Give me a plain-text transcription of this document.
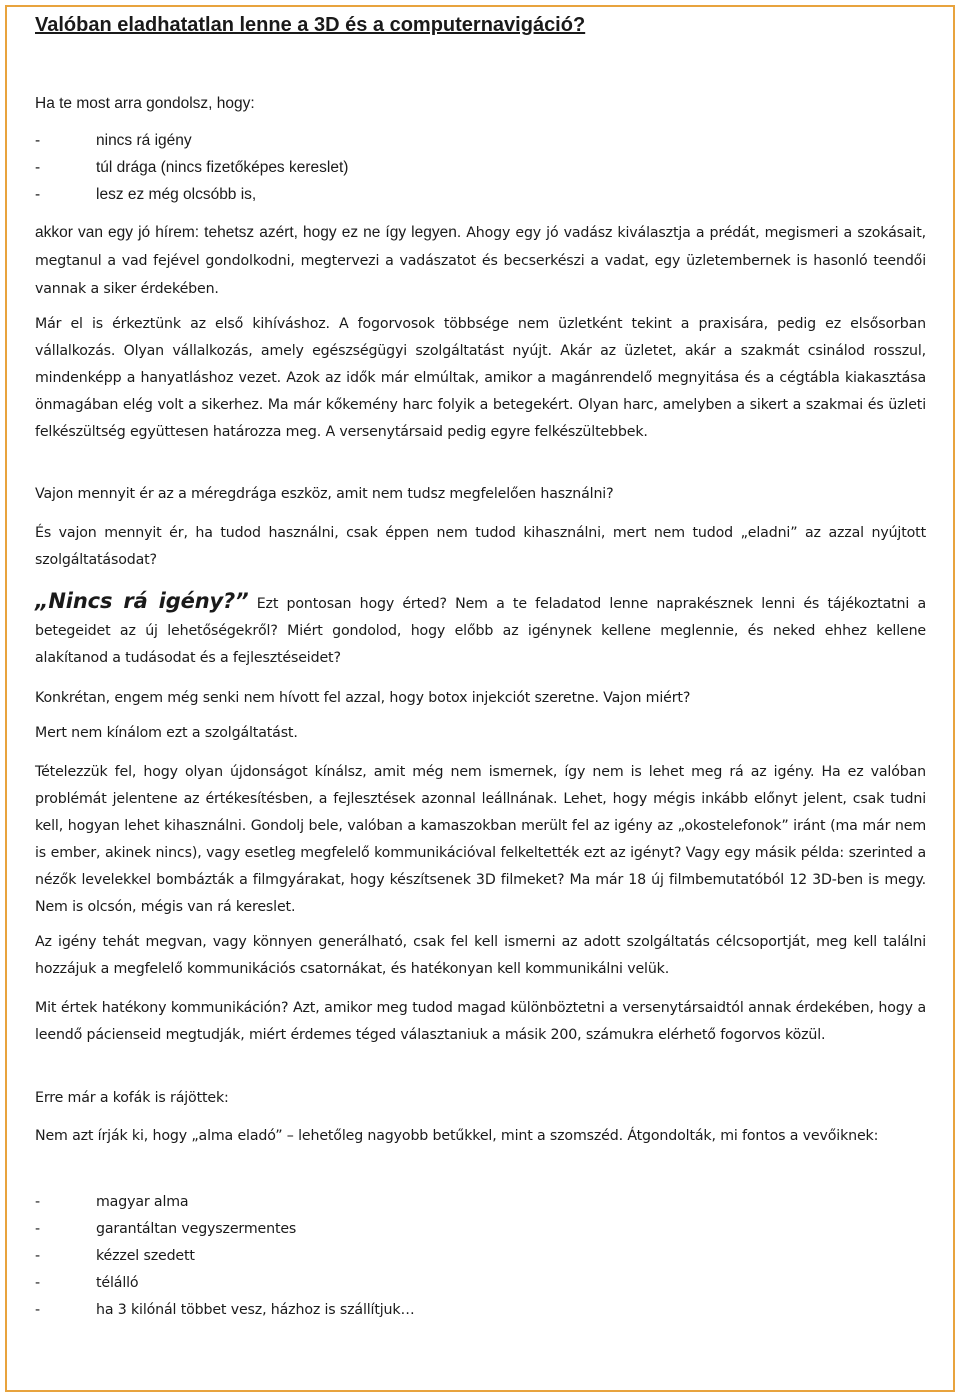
Valóban eladhatatlan lenne a 3D és a computernavigáció?

Ha te most arra gondolsz, hogy:

- nincs rá igény
- túl drága (nincs fizetőképes kereslet)
- lesz ez még olcsóbb is,

akkor van egy jó hírem: tehetsz azért, hogy ez ne így legyen. Ahogy egy jó vadász kiválasztja a prédát, megismeri a szokásait, megtanul a vad fejével gondolkodni, megtervezi a vadászatot és becserkészi a vadat, egy üzletembernek is hasonló teendői vannak a siker érdekében.

Már el is érkeztünk az első kihíváshoz. A fogorvosok többsége nem üzletként tekint a praxisára, pedig ez elsősorban vállalkozás. Olyan vállalkozás, amely egészségügyi szolgáltatást nyújt. Akár az üzletet, akár a szakmát csinálod rosszul, mindenképp a hanyatláshoz vezet. Azok az idők már elmúltak, amikor a magánrendelő megnyitása és a cégtábla kiakasztása önmagában elég volt a sikerhez. Ma már kőkemény harc folyik a betegekért. Olyan harc, amelyben a sikert a szakmai és üzleti felkészültség együttesen határozza meg. A versenytársaid pedig egyre felkészültebbek.

Vajon mennyit ér az a méregdrága eszköz, amit nem tudsz megfelelően használni?

És vajon mennyit ér, ha tudod használni, csak éppen nem tudod kihasználni, mert nem tudod „eladni” az azzal nyújtott szolgáltatásodat?

„Nincs rá igény?” Ezt pontosan hogy érted? Nem a te feladatod lenne naprakésznek lenni és tájékoztatni a betegeidet az új lehetőségekről? Miért gondolod, hogy előbb az igénynek kellene meglennie, és neked ehhez kellene alakítanod a tudásodat és a fejlesztéseidet?

Konkrétan, engem még senki nem hívott fel azzal, hogy botox injekciót szeretne. Vajon miért?

Mert nem kínálom ezt a szolgáltatást.

Tételezzük fel, hogy olyan újdonságot kínálsz, amit még nem ismernek, így nem is lehet meg rá az igény. Ha ez valóban problémát jelentene az értékesítésben, a fejlesztések azonnal leállnának. Lehet, hogy mégis inkább előnyt jelent, csak tudni kell, hogyan lehet kihasználni. Gondolj bele, valóban a kamaszokban merült fel az igény az „okostelefonok” iránt (ma már nem is ember, akinek nincs), vagy esetleg megfelelő kommunikációval felkeltették ezt az igényt? Vagy egy másik példa: szerinted a nézők levelekkel bombázták a filmgyárakat, hogy készítsenek 3D filmeket? Ma már 18 új filmbemutatóból 12 3D-ben is megy. Nem is olcsón, mégis van rá kereslet.

Az igény tehát megvan, vagy könnyen generálható, csak fel kell ismerni az adott szolgáltatás célcsoportját, meg kell találni hozzájuk a megfelelő kommunikációs csatornákat, és hatékonyan kell kommunikálni velük.

Mit értek hatékony kommunikáción? Azt, amikor meg tudod magad különböztetni a versenytársaidtól annak érdekében, hogy a leendő pácienseid megtudják, miért érdemes téged választaniuk a másik 200, számukra elérhető fogorvos közül.

Erre már a kofák is rájöttek:

Nem azt írják ki, hogy „alma eladó” – lehetőleg nagyobb betűkkel, mint a szomszéd. Átgondolták, mi fontos a vevőiknek:

- magyar alma
- garantáltan vegyszermentes
- kézzel szedett
- télálló
- ha 3 kilónál többet vesz, házhoz is szállítjuk…
